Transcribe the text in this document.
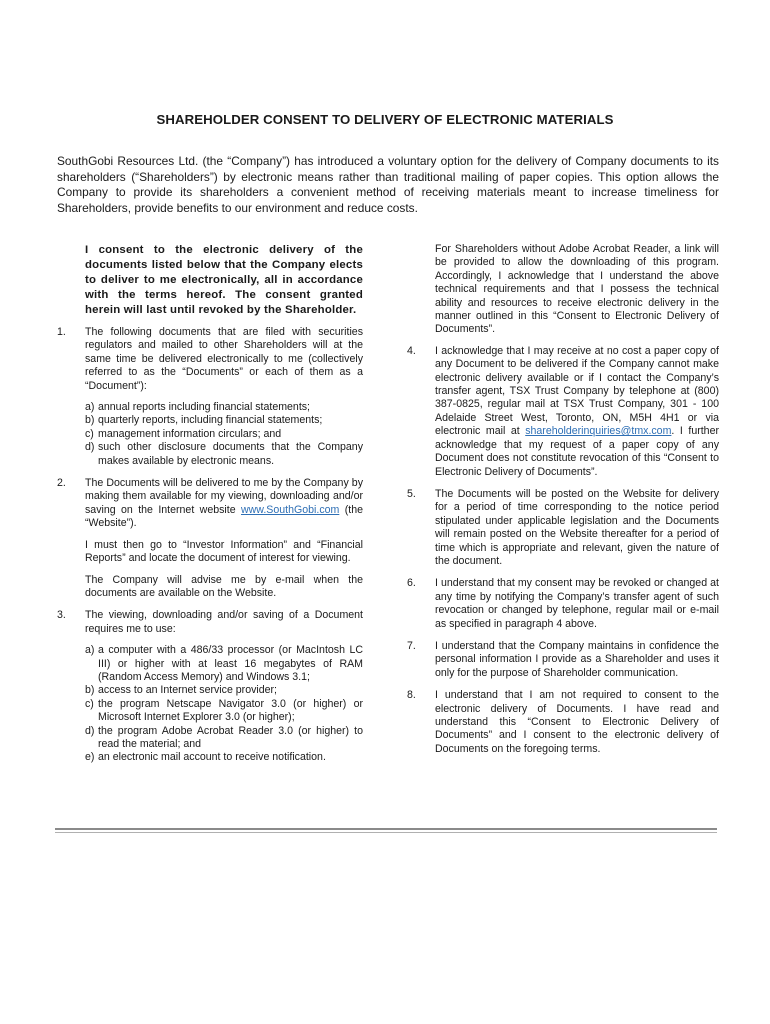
SHAREHOLDER CONSENT TO DELIVERY OF ELECTRONIC MATERIALS

SouthGobi Resources Ltd. (the “Company”) has introduced a voluntary option for the delivery of Company documents to its shareholders (“Shareholders”) by electronic means rather than traditional mailing of paper copies. This option allows the Company to provide its shareholders a convenient method of receiving materials meant to increase timeliness for Shareholders, provide benefits to our environment and reduce costs.

I consent to the electronic delivery of the documents listed below that the Company elects to deliver to me electronically, all in accordance with the terms hereof. The consent granted herein will last until revoked by the Shareholder.

1. The following documents that are filed with securities regulators and mailed to other Shareholders will at the same time be delivered electronically to me (collectively referred to as the “Documents” or each of them as a “Document”):

a) annual reports including financial statements;
b) quarterly reports, including financial statements;
c) management information circulars; and
d) such other disclosure documents that the Company makes available by electronic means.
2. The Documents will be delivered to me by the Company by making them available for my viewing, downloading and/or saving on the Internet website www.SouthGobi.com (the “Website”).

I must then go to “Investor Information” and “Financial Reports” and locate the document of interest for viewing.

The Company will advise me by e-mail when the documents are available on the Website.

3. The viewing, downloading and/or saving of a Document requires me to use:

a) a computer with a 486/33 processor (or MacIntosh LC III) or higher with at least 16 megabytes of RAM (Random Access Memory) and Windows 3.1;
b) access to an Internet service provider;
c) the program Netscape Navigator 3.0 (or higher) or Microsoft Internet Explorer 3.0 (or higher);
d) the program Adobe Acrobat Reader 3.0 (or higher) to read the material; and
e) an electronic mail account to receive notification.

For Shareholders without Adobe Acrobat Reader, a link will be provided to allow the downloading of this program. Accordingly, I acknowledge that I understand the above technical requirements and that I possess the technical ability and resources to receive electronic delivery in the manner outlined in this “Consent to Electronic Delivery of Documents”.

4. I acknowledge that I may receive at no cost a paper copy of any Document to be delivered if the Company cannot make electronic delivery available or if I contact the Company’s transfer agent, TSX Trust Company by telephone at (800) 387-0825, regular mail at TSX Trust Company, 301 - 100 Adelaide Street West, Toronto, ON, M5H 4H1 or via electronic mail at shareholderinquiries@tmx.com. I further acknowledge that my request of a paper copy of any Document does not constitute revocation of this “Consent to Electronic Delivery of Documents”.

5. The Documents will be posted on the Website for delivery for a period of time corresponding to the notice period stipulated under applicable legislation and the Documents will remain posted on the Website thereafter for a period of time which is appropriate and relevant, given the nature of the document.

6. I understand that my consent may be revoked or changed at any time by notifying the Company’s transfer agent of such revocation or changed by telephone, regular mail or e-mail as specified in paragraph 4 above.

7. I understand that the Company maintains in confidence the personal information I provide as a Shareholder and uses it only for the purpose of Shareholder communication.

8. I understand that I am not required to consent to the electronic delivery of Documents. I have read and understand this “Consent to Electronic Delivery of Documents” and I consent to the electronic delivery of Documents on the foregoing terms.
